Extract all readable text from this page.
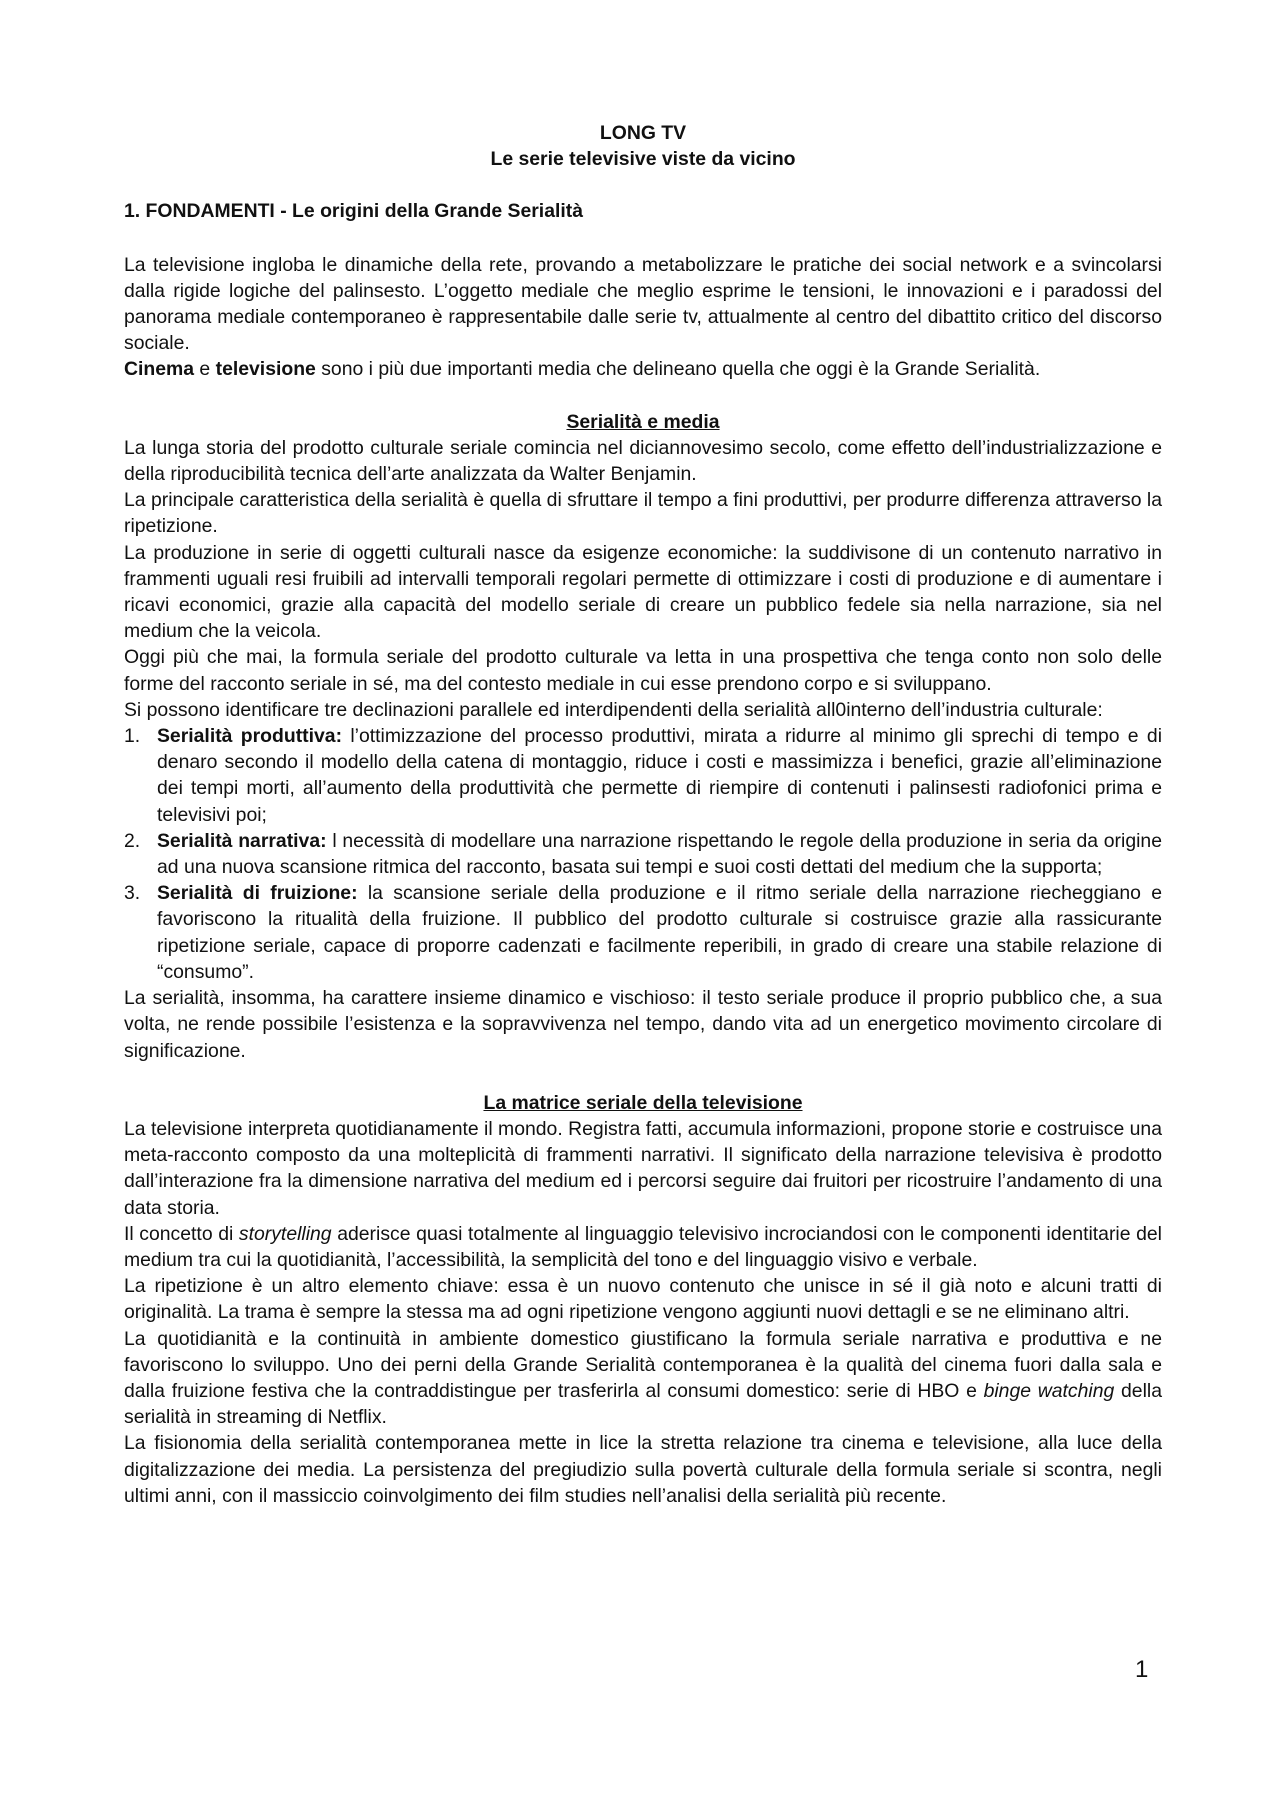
LONG TV

Le serie televisive viste da vicino

1. FONDAMENTI - Le origini della Grande Serialità

La televisione ingloba le dinamiche della rete, provando a metabolizzare le pratiche dei social network e a svincolarsi dalla rigide logiche del palinsesto. L’oggetto mediale che meglio esprime le tensioni, le innovazioni e i paradossi del panorama mediale contemporaneo è rappresentabile dalle serie tv, attualmente al centro del dibattito critico del discorso sociale.

Cinema e televisione sono i più due importanti media che delineano quella che oggi è la Grande Serialità.

Serialità e media

La lunga storia del prodotto culturale seriale comincia nel diciannovesimo secolo, come effetto dell’industrializzazione e della riproducibilità tecnica dell’arte analizzata da Walter Benjamin.

La principale caratteristica della serialità è quella di sfruttare il tempo a fini produttivi, per produrre differenza attraverso la ripetizione.

La produzione in serie di oggetti culturali nasce da esigenze economiche: la suddivisone di un contenuto narrativo in frammenti uguali resi fruibili ad intervalli temporali regolari permette di ottimizzare i costi di produzione e di aumentare i ricavi economici, grazie alla capacità del modello seriale di creare un pubblico fedele sia nella narrazione, sia nel medium che la veicola.

Oggi più che mai, la formula seriale del prodotto culturale va letta in una prospettiva che tenga conto non solo delle forme del racconto seriale in sé, ma del contesto mediale in cui esse prendono corpo e si sviluppano.

Si possono identificare tre declinazioni parallele ed interdipendenti della serialità all0interno dell’industria culturale:

1. Serialità produttiva: l’ottimizzazione del processo produttivi, mirata a ridurre al minimo gli sprechi di tempo e di denaro secondo il modello della catena di montaggio, riduce i costi e massimizza i benefici, grazie all’eliminazione dei tempi morti, all’aumento della produttività che permette di riempire di contenuti i palinsesti radiofonici prima e televisivi poi;
2. Serialità narrativa: l necessità di modellare una narrazione rispettando le regole della produzione in seria da origine ad una nuova scansione ritmica del racconto, basata sui tempi e suoi costi dettati del medium che la supporta;
3. Serialità di fruizione: la scansione seriale della produzione e il ritmo seriale della narrazione riecheggiano e favoriscono la ritualità della fruizione. Il pubblico del prodotto culturale si costruisce grazie alla rassicurante ripetizione seriale, capace di proporre cadenzati e facilmente reperibili, in grado di creare una stabile relazione di “consumo”.

La serialità, insomma, ha carattere insieme dinamico e vischioso: il testo seriale produce il proprio pubblico che, a sua volta, ne rende possibile l’esistenza e la sopravvivenza nel tempo, dando vita ad un energetico movimento circolare di significazione.

La matrice seriale della televisione

La televisione interpreta quotidianamente il mondo. Registra fatti, accumula informazioni, propone storie e costruisce una meta-racconto composto da una molteplicità di frammenti narrativi. Il significato della narrazione televisiva è prodotto dall’interazione fra la dimensione narrativa del medium ed i percorsi seguire dai fruitori per ricostruire l’andamento di una data storia.

Il concetto di storytelling aderisce quasi totalmente al linguaggio televisivo incrociandosi con le componenti identitarie del medium tra cui la quotidianità, l’accessibilità, la semplicità del tono e del linguaggio visivo e verbale.

La ripetizione è un altro elemento chiave: essa è un nuovo contenuto che unisce in sé il già noto e alcuni tratti di originalità. La trama è sempre la stessa ma ad ogni ripetizione vengono aggiunti nuovi dettagli e se ne eliminano altri.

La quotidianità e la continuità in ambiente domestico giustificano la formula seriale narrativa e produttiva e ne favoriscono lo sviluppo. Uno dei perni della Grande Serialità contemporanea è la qualità del cinema fuori dalla sala e dalla fruizione festiva che la contraddistingue per trasferirla al consumi domestico: serie di HBO e binge watching della serialità in streaming di Netflix.

La fisionomia della serialità contemporanea mette in lice la stretta relazione tra cinema e televisione, alla luce della digitalizzazione dei media. La persistenza del pregiudizio sulla povertà culturale della formula seriale si scontra, negli ultimi anni, con il massiccio coinvolgimento dei film studies nell’analisi della serialità più recente.

1
